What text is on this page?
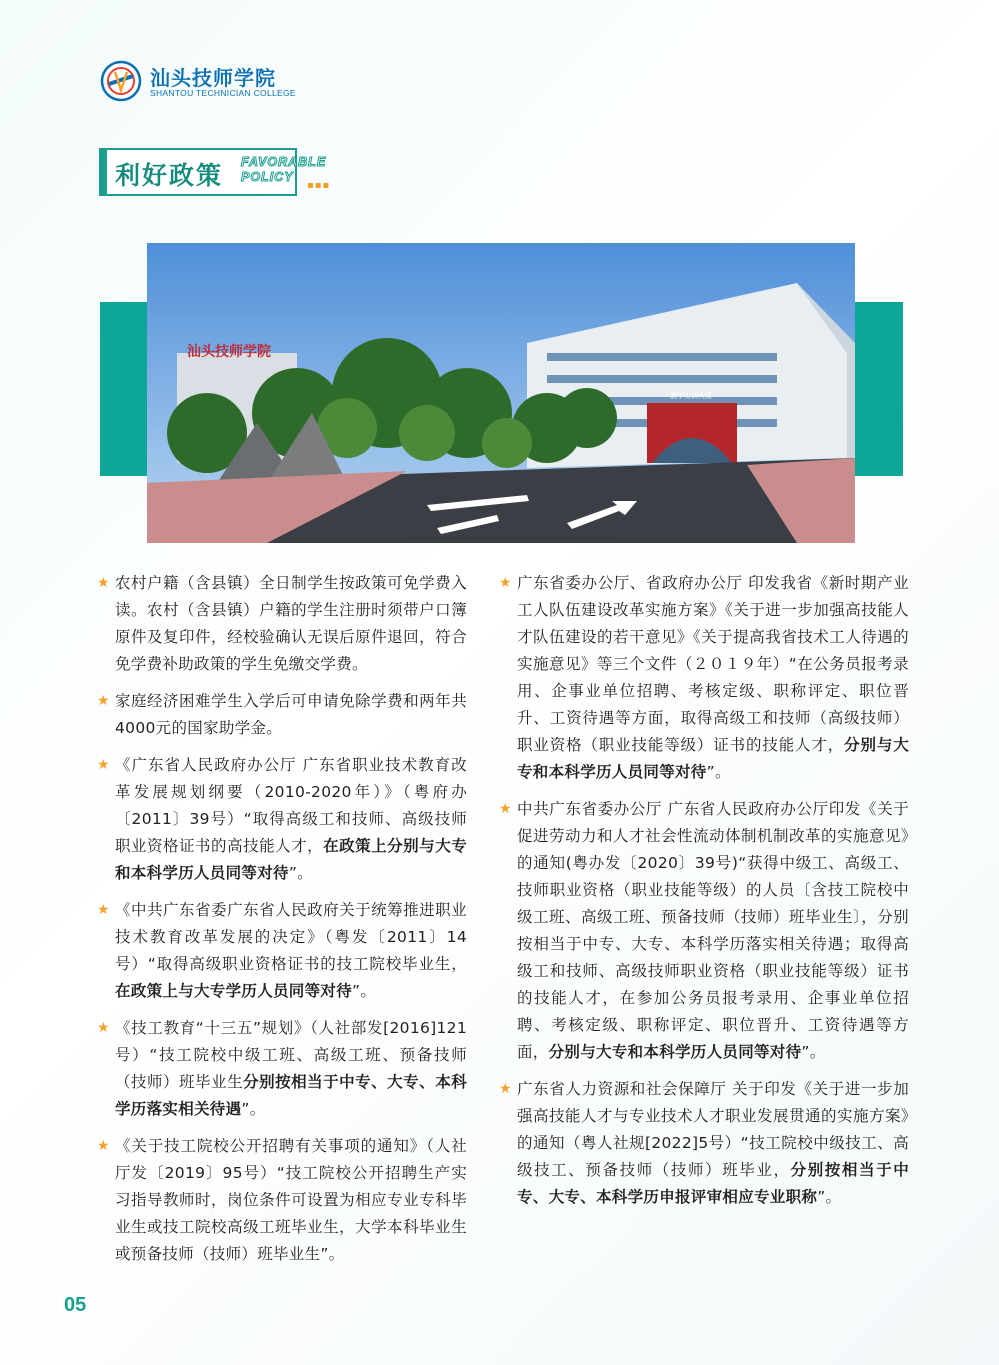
汕头技师学院
SHANTOU TECHNICIAN COLLEGE
利好政策 FAVORABLE
POLICY
▪▪▪
教学实训大楼
汕头技师学院
★ 农村户籍（含县镇）全日制学生按政策可免学费入读。农村（含县镇）户籍的学生注册时须带户口簿原件及复印件，经校验确认无误后原件退回，符合免学费补助政策的学生免缴交学费。
★ 家庭经济困难学生入学后可申请免除学费和两年共4000元的国家助学金。
★ 《广东省人民政府办公厅 广东省职业技术教育改革发展规划纲要（2010-2020年）》（粤府办〔2011〕39号）“取得高级工和技师、高级技师职业资格证书的高技能人才，在政策上分别与大专和本科学历人员同等对待”。
★ 《中共广东省委广东省人民政府关于统筹推进职业技术教育改革发展的决定》（粤发〔2011〕14号）“取得高级职业资格证书的技工院校毕业生，在政策上与大专学历人员同等对待”。
★ 《技工教育“十三五”规划》（人社部发[2016]121号）“技工院校中级工班、高级工班、预备技师（技师）班毕业生分别按相当于中专、大专、本科学历落实相关待遇”。
★ 《关于技工院校公开招聘有关事项的通知》（人社厅发〔2019〕95号）“技工院校公开招聘生产实习指导教师时，岗位条件可设置为相应专业专科毕业生或技工院校高级工班毕业生，大学本科毕业生或预备技师（技师）班毕业生”。
★ 广东省委办公厅、省政府办公厅 印发我省《新时期产业工人队伍建设改革实施方案》《关于进一步加强高技能人才队伍建设的若干意见》《关于提高我省技术工人待遇的实施意见》等三个文件（２０１９年）“在公务员报考录用、企事业单位招聘、考核定级、职称评定、职位晋升、工资待遇等方面，取得高级工和技师（高级技师）职业资格（职业技能等级）证书的技能人才，分别与大专和本科学历人员同等对待”。
★ 中共广东省委办公厅 广东省人民政府办公厅印发《关于促进劳动力和人才社会性流动体制机制改革的实施意见》的通知(粤办发〔2020〕39号)“获得中级工、高级工、技师职业资格（职业技能等级）的人员〔含技工院校中级工班、高级工班、预备技师（技师）班毕业生〕，分别按相当于中专、大专、本科学历落实相关待遇；取得高级工和技师、高级技师职业资格（职业技能等级）证书的技能人才，在参加公务员报考录用、企事业单位招聘、考核定级、职称评定、职位晋升、工资待遇等方面，分别与大专和本科学历人员同等对待”。
★ 广东省人力资源和社会保障厅 关于印发《关于进一步加强高技能人才与专业技术人才职业发展贯通的实施方案》的通知（粤人社规[2022]5号）“技工院校中级技工、高级技工、预备技师（技师）班毕业，分别按相当于中专、大专、本科学历申报评审相应专业职称”。
05
